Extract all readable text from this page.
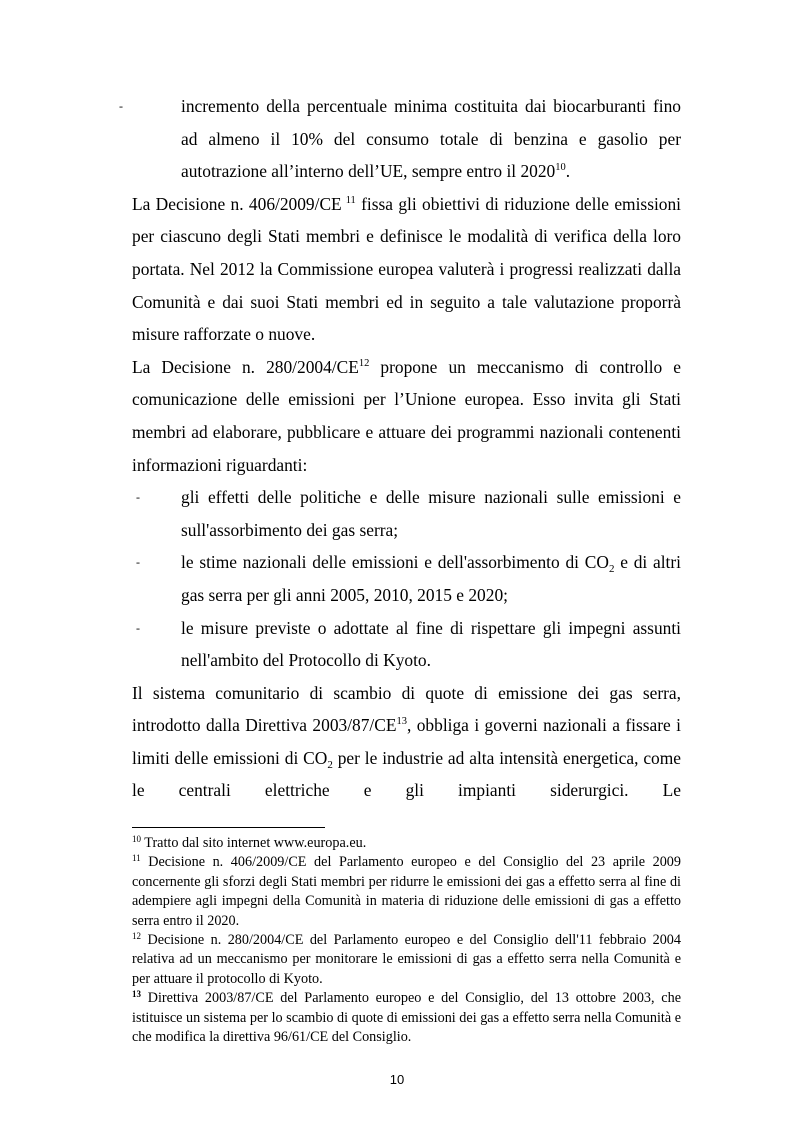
-	incremento della percentuale minima costituita dai biocarburanti fino ad almeno il 10% del consumo totale di benzina e gasolio per autotrazione all’interno dell’UE, sempre entro il 2020$^{10}$.

La Decisione n. 406/2009/CE $^{11}$ fissa gli obiettivi di riduzione delle emissioni per ciascuno degli Stati membri e definisce le modalità di verifica della loro portata. Nel 2012 la Commissione europea valuterà i progressi realizzati dalla Comunità e dai suoi Stati membri ed in seguito a tale valutazione proporrà misure rafforzate o nuove.

La Decisione n. 280/2004/CE$^{12}$ propone un meccanismo di controllo e comunicazione delle emissioni per l’Unione europea. Esso invita gli Stati membri ad elaborare, pubblicare e attuare dei programmi nazionali contenenti informazioni riguardanti:

- gli effetti delle politiche e delle misure nazionali sulle emissioni e sull'assorbimento dei gas serra;

- le stime nazionali delle emissioni e dell'assorbimento di $CO_2$ e di altri gas serra per gli anni 2005, 2010, 2015 e 2020;

- le misure previste o adottate al fine di rispettare gli impegni assunti nell'ambito del Protocollo di Kyoto.

Il sistema comunitario di scambio di quote di emissione dei gas serra, introdotto dalla Direttiva 2003/87/CE$^{13}$, obbliga i governi nazionali a fissare i limiti delle emissioni di $CO_2$ per le industrie ad alta intensità energetica, come le centrali elettriche e gli impianti siderurgici. Le

$^{10}$ Tratto dal sito internet www.europa.eu.

$^{11}$ Decisione n. 406/2009/CE del Parlamento europeo e del Consiglio del 23 aprile 2009 concernente gli sforzi degli Stati membri per ridurre le emissioni dei gas a effetto serra al fine di adempiere agli impegni della Comunità in materia di riduzione delle emissioni di gas a effetto serra entro il 2020.

$^{12}$ Decisione n. 280/2004/CE del Parlamento europeo e del Consiglio dell'11 febbraio 2004 relativa ad un meccanismo per monitorare le emissioni di gas a effetto serra nella Comunità e per attuare il protocollo di Kyoto.

$^{13}$ Direttiva 2003/87/CE del Parlamento europeo e del Consiglio, del 13 ottobre 2003, che istituisce un sistema per lo scambio di quote di emissioni dei gas a effetto serra nella Comunità e che modifica la direttiva 96/61/CE del Consiglio.

10
